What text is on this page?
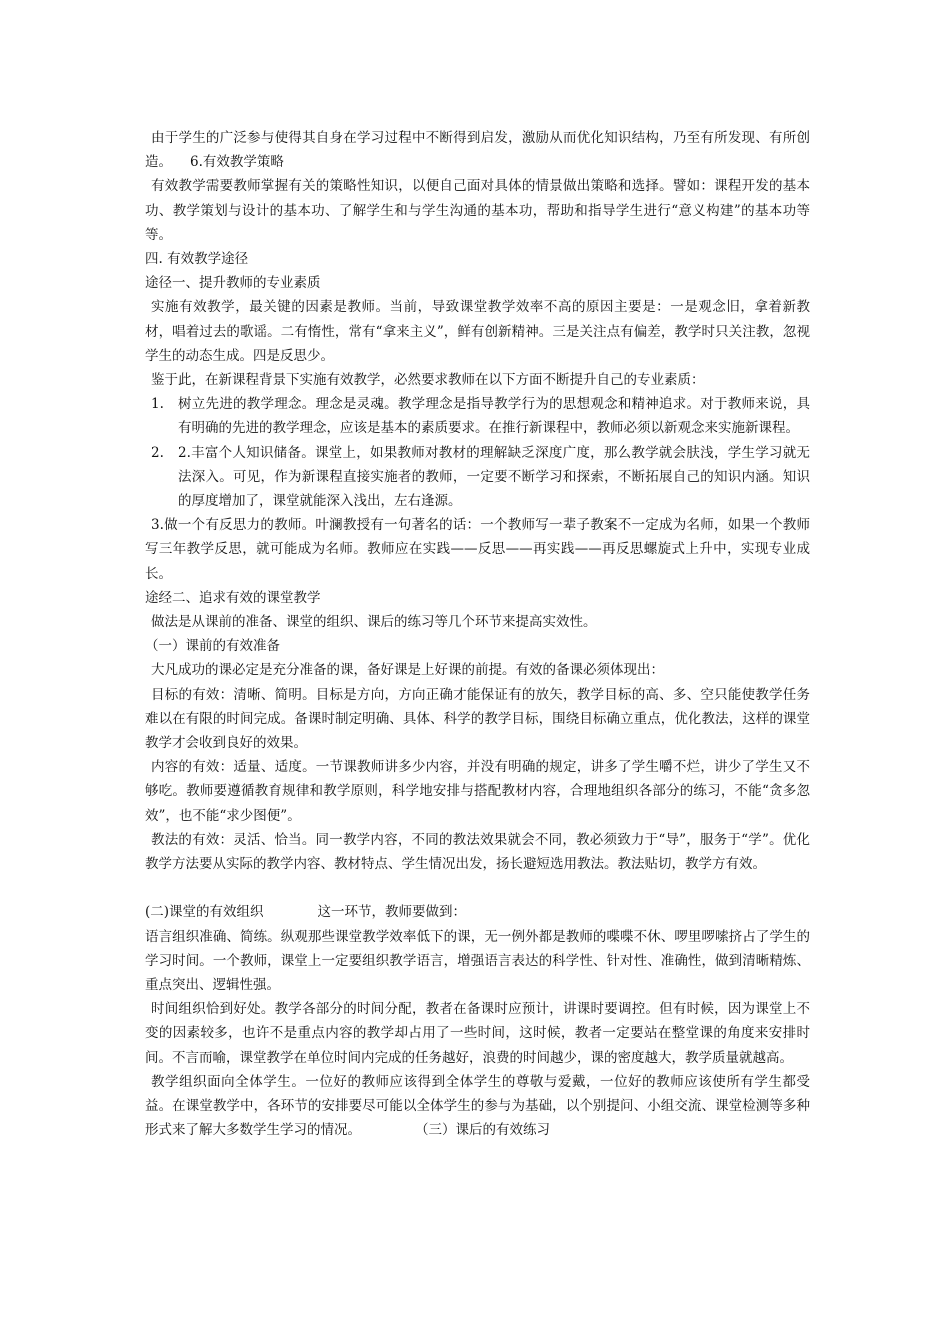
由于学生的广泛参与使得其自身在学习过程中不断得到启发，激励从而优化知识结构，乃至有所发现、有所创造。 6.有效教学策略

有效教学需要教师掌握有关的策略性知识，以便自己面对具体的情景做出策略和选择。譬如：课程开发的基本功、教学策划与设计的基本功、了解学生和与学生沟通的基本功，帮助和指导学生进行“意义构建”的基本功等等。

四. 有效教学途径

途径一、提升教师的专业素质

实施有效教学，最关键的因素是教师。当前，导致课堂教学效率不高的原因主要是：一是观念旧，拿着新教材，唱着过去的歌谣。二有惰性，常有“拿来主义”，鲜有创新精神。三是关注点有偏差，教学时只关注教，忽视学生的动态生成。四是反思少。

鉴于此，在新课程背景下实施有效教学，必然要求教师在以下方面不断提升自己的专业素质：

1.	树立先进的教学理念。理念是灵魂。教学理念是指导教学行为的思想观念和精神追求。对于教师来说，具有明确的先进的教学理念，应该是基本的素质要求。在推行新课程中，教师必须以新观念来实施新课程。
2.	2.丰富个人知识储备。课堂上，如果教师对教材的理解缺乏深度广度，那么教学就会肤浅，学生学习就无法深入。可见，作为新课程直接实施者的教师，一定要不断学习和探索，不断拓展自己的知识内涵。知识的厚度增加了，课堂就能深入浅出，左右逢源。

3.做一个有反思力的教师。叶澜教授有一句著名的话：一个教师写一辈子教案不一定成为名师，如果一个教师写三年教学反思，就可能成为名师。教师应在实践——反思——再实践——再反思螺旋式上升中，实现专业成长。

途经二、追求有效的课堂教学

做法是从课前的准备、课堂的组织、课后的练习等几个环节来提高实效性。

（一）课前的有效准备

大凡成功的课必定是充分准备的课，备好课是上好课的前提。有效的备课必须体现出：

目标的有效：清晰、简明。目标是方向，方向正确才能保证有的放矢，教学目标的高、多、空只能使教学任务难以在有限的时间完成。备课时制定明确、具体、科学的教学目标，围绕目标确立重点，优化教法，这样的课堂教学才会收到良好的效果。

内容的有效：适量、适度。一节课教师讲多少内容，并没有明确的规定，讲多了学生嚼不烂，讲少了学生又不够吃。教师要遵循教育规律和教学原则，科学地安排与搭配教材内容，合理地组织各部分的练习，不能“贪多忽效”，也不能“求少图便”。

教法的有效：灵活、恰当。同一教学内容，不同的教法效果就会不同，教必须致力于“导”，服务于“学”。优化教学方法要从实际的教学内容、教材特点、学生情况出发，扬长避短选用教法。教法贴切，教学方有效。

(二)课堂的有效组织	这一环节，教师要做到：

语言组织准确、简练。纵观那些课堂教学效率低下的课，无一例外都是教师的喋喋不休、啰里啰嗦挤占了学生的学习时间。一个教师，课堂上一定要组织教学语言，增强语言表达的科学性、针对性、准确性，做到清晰精炼、重点突出、逻辑性强。

时间组织恰到好处。教学各部分的时间分配，教者在备课时应预计，讲课时要调控。但有时候，因为课堂上不变的因素较多，也许不是重点内容的教学却占用了一些时间，这时候，教者一定要站在整堂课的角度来安排时间。不言而喻，课堂教学在单位时间内完成的任务越好，浪费的时间越少，课的密度越大，教学质量就越高。

教学组织面向全体学生。一位好的教师应该得到全体学生的尊敬与爱戴，一位好的教师应该使所有学生都受益。在课堂教学中，各环节的安排要尽可能以全体学生的参与为基础，以个别提问、小组交流、课堂检测等多种形式来了解大多数学生学习的情况。	（三）课后的有效练习
